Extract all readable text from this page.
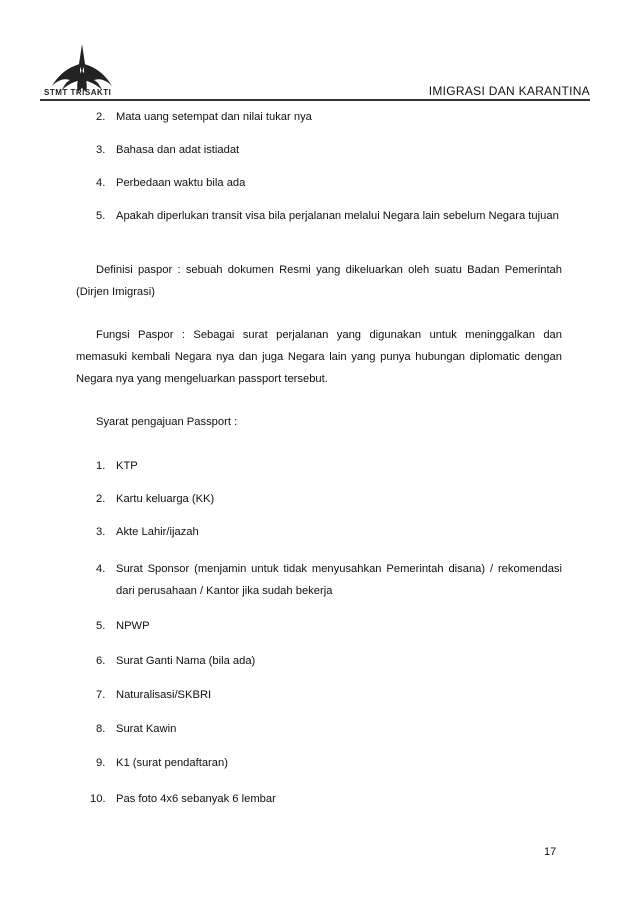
STMT TRISAKTI	IMIGRASI DAN KARANTINA
2. Mata uang setempat dan nilai tukar nya
3. Bahasa dan adat istiadat
4. Perbedaan waktu bila ada
5. Apakah diperlukan transit visa bila perjalanan melalui Negara lain sebelum Negara tujuan
Definisi paspor : sebuah dokumen Resmi yang dikeluarkan oleh suatu Badan Pemerintah (Dirjen Imigrasi)
Fungsi Paspor : Sebagai surat perjalanan yang digunakan untuk meninggalkan dan memasuki kembali Negara nya dan juga Negara lain yang punya hubungan diplomatic dengan Negara nya yang mengeluarkan passport tersebut.
Syarat pengajuan Passport :
1. KTP
2. Kartu keluarga (KK)
3. Akte Lahir/ijazah
4. Surat Sponsor (menjamin untuk tidak menyusahkan Pemerintah disana) / rekomendasi dari perusahaan / Kantor jika sudah bekerja
5. NPWP
6. Surat Ganti Nama (bila ada)
7. Naturalisasi/SKBRI
8. Surat Kawin
9. K1 (surat pendaftaran)
10. Pas foto 4x6 sebanyak 6 lembar
17
